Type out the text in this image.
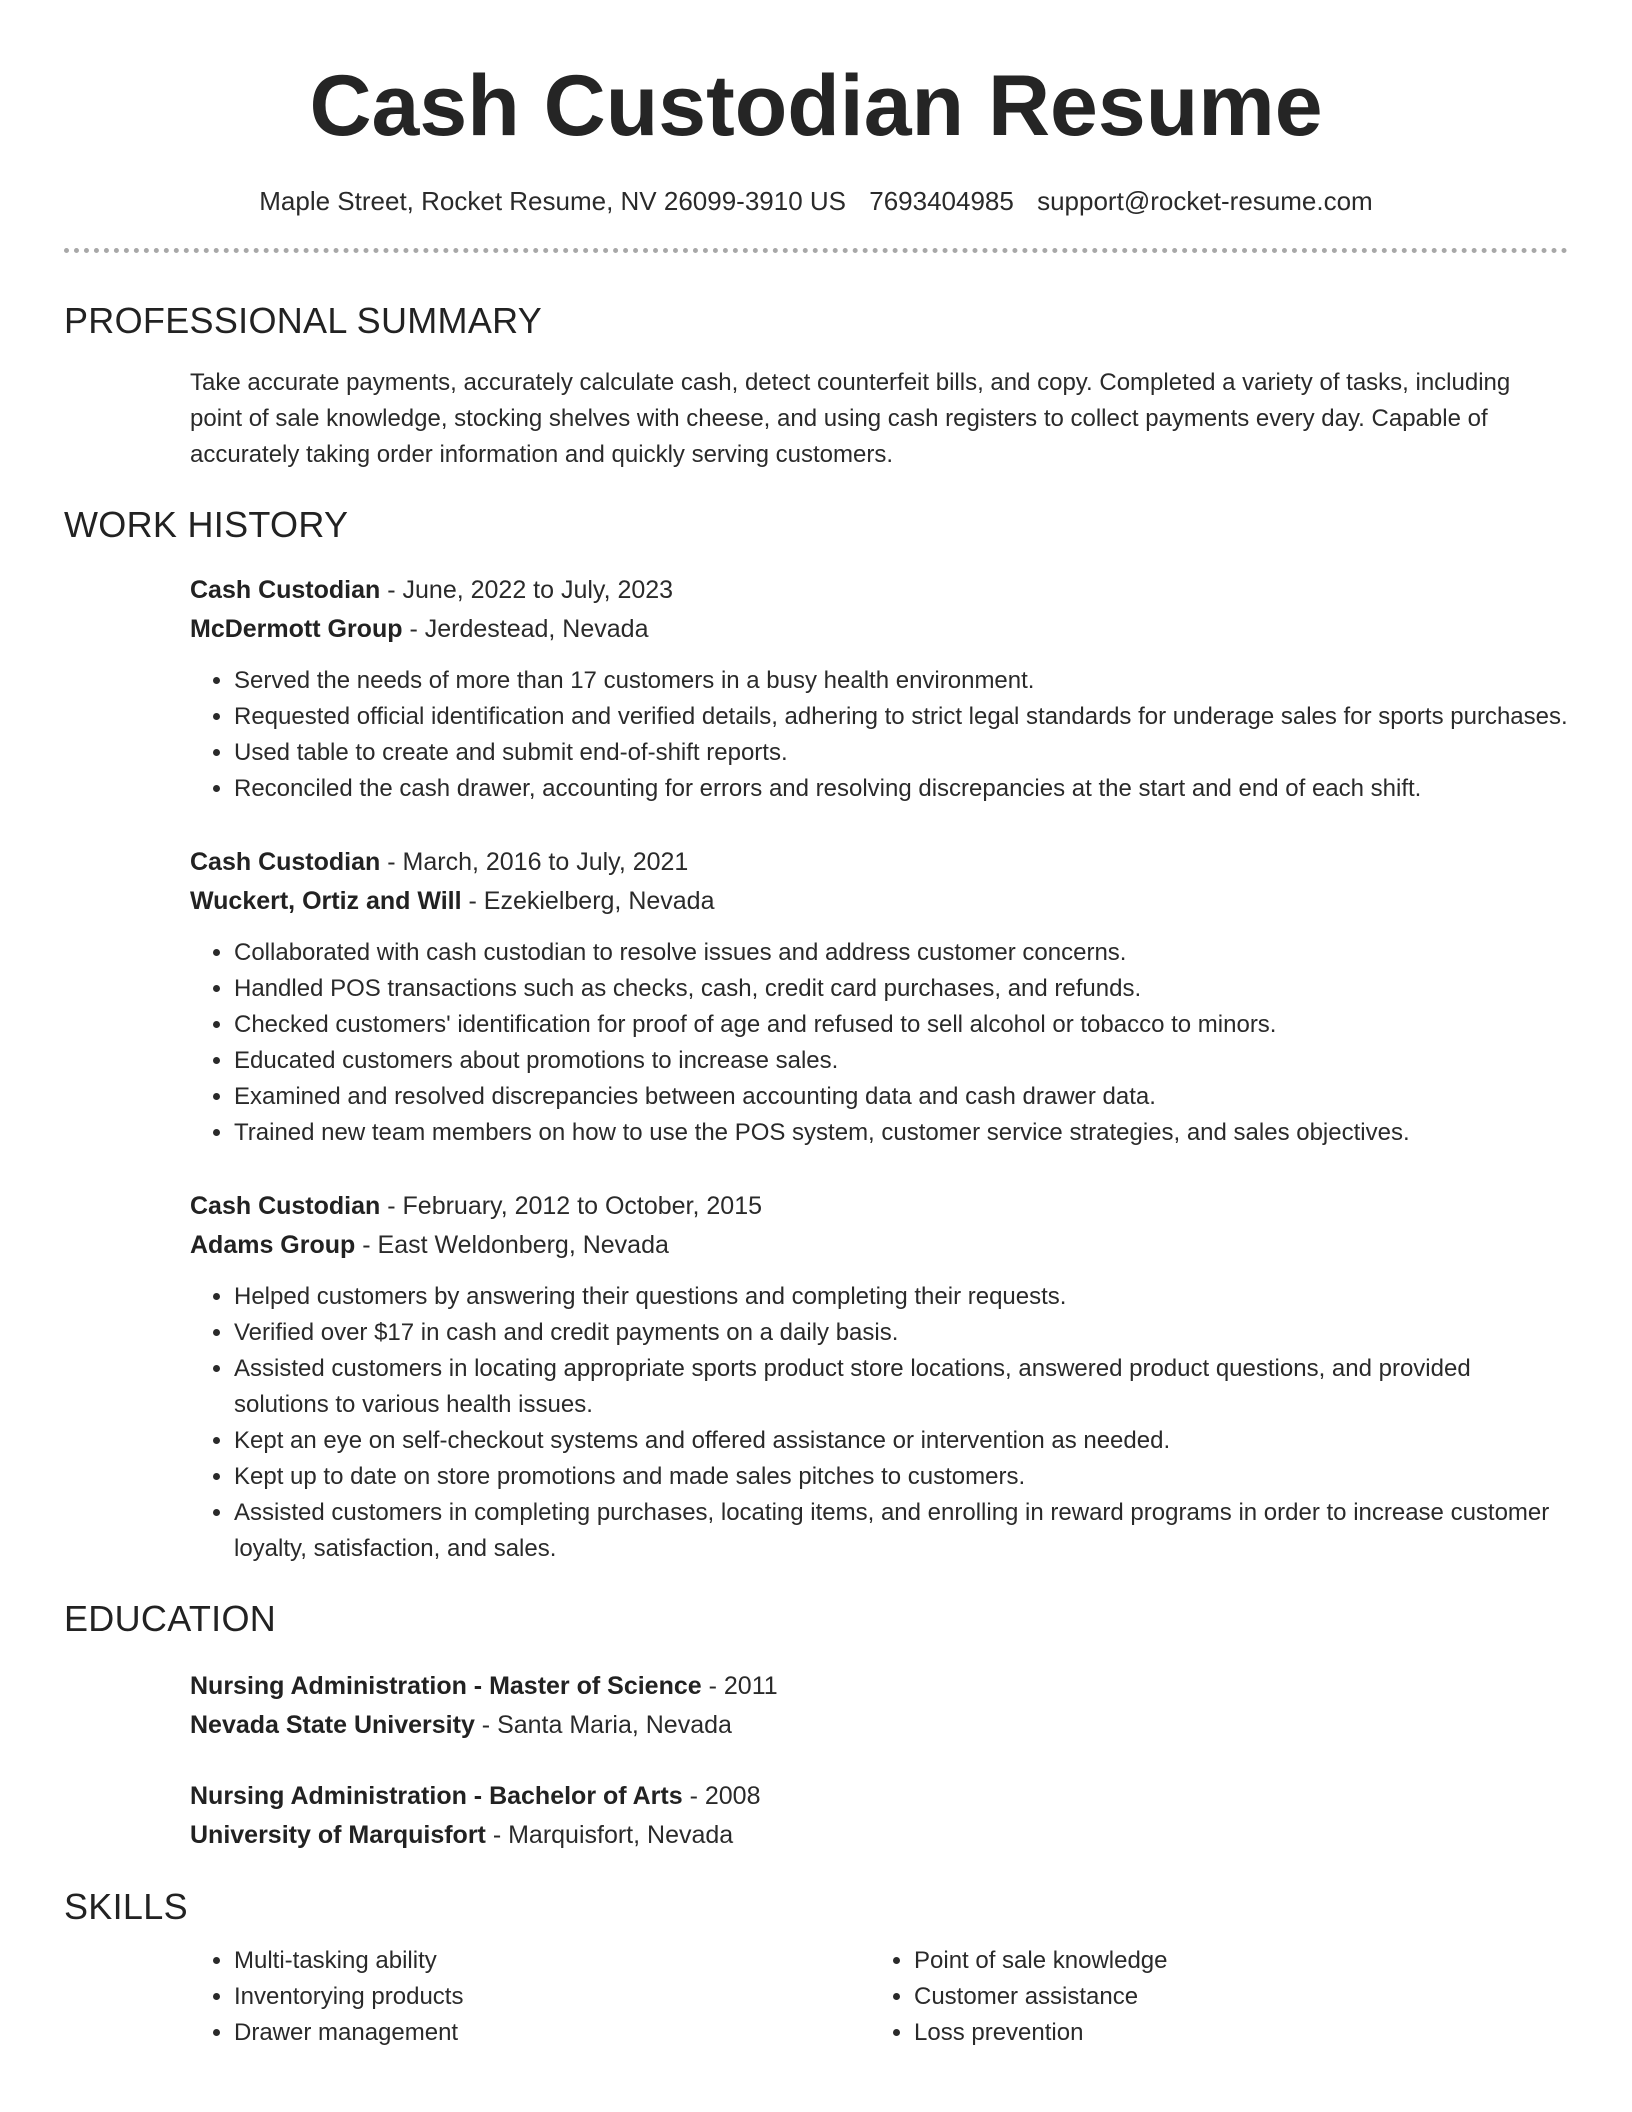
Cash Custodian Resume
Maple Street, Rocket Resume, NV 26099-3910 US 7693404985 support@rocket-resume.com
PROFESSIONAL SUMMARY

Take accurate payments, accurately calculate cash, detect counterfeit bills, and copy. Completed a variety of tasks, including point of sale knowledge, stocking shelves with cheese, and using cash registers to collect payments every day. Capable of accurately taking order information and quickly serving customers.

WORK HISTORY
Cash Custodian - June, 2022 to July, 2023
McDermott Group - Jerdestead, Nevada
• Served the needs of more than 17 customers in a busy health environment.
• Requested official identification and verified details, adhering to strict legal standards for underage sales for sports purchases.
• Used table to create and submit end-of-shift reports.
• Reconciled the cash drawer, accounting for errors and resolving discrepancies at the start and end of each shift.
Cash Custodian - March, 2016 to July, 2021
Wuckert, Ortiz and Will - Ezekielberg, Nevada
• Collaborated with cash custodian to resolve issues and address customer concerns.
• Handled POS transactions such as checks, cash, credit card purchases, and refunds.
• Checked customers' identification for proof of age and refused to sell alcohol or tobacco to minors.
• Educated customers about promotions to increase sales.
• Examined and resolved discrepancies between accounting data and cash drawer data.
• Trained new team members on how to use the POS system, customer service strategies, and sales objectives.
Cash Custodian - February, 2012 to October, 2015
Adams Group - East Weldonberg, Nevada
• Helped customers by answering their questions and completing their requests.
• Verified over $17 in cash and credit payments on a daily basis.
• Assisted customers in locating appropriate sports product store locations, answered product questions, and provided solutions to various health issues.
• Kept an eye on self-checkout systems and offered assistance or intervention as needed.
• Kept up to date on store promotions and made sales pitches to customers.
• Assisted customers in completing purchases, locating items, and enrolling in reward programs in order to increase customer loyalty, satisfaction, and sales.
EDUCATION
Nursing Administration - Master of Science - 2011
Nevada State University - Santa Maria, Nevada
Nursing Administration - Bachelor of Arts - 2008
University of Marquisfort - Marquisfort, Nevada
SKILLS
• Multi-tasking ability
• Inventorying products
• Drawer management
• Point of sale knowledge
• Customer assistance
• Loss prevention
